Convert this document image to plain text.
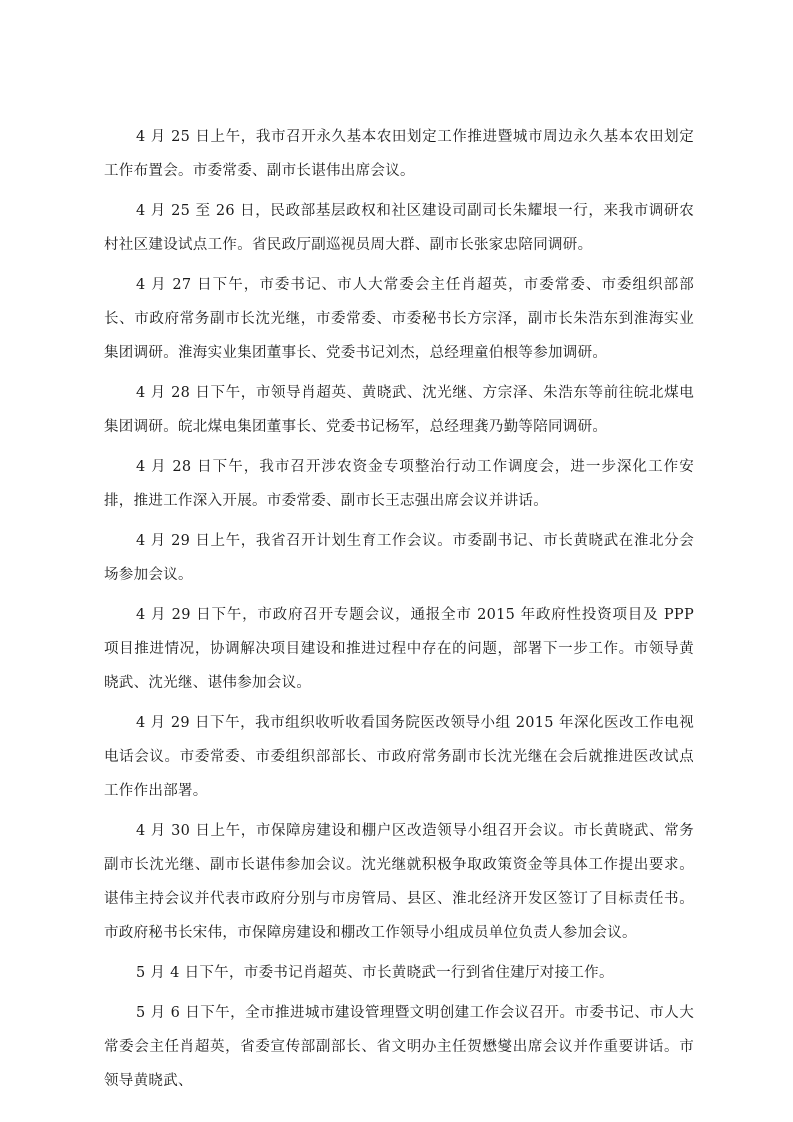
4 月 25 日上午，我市召开永久基本农田划定工作推进暨城市周边永久基本农田划定工作布置会。市委常委、副市长谌伟出席会议。

4 月 25 至 26 日，民政部基层政权和社区建设司副司长朱耀垠一行，来我市调研农村社区建设试点工作。省民政厅副巡视员周大群、副市长张家忠陪同调研。

4 月 27 日下午，市委书记、市人大常委会主任肖超英，市委常委、市委组织部部长、市政府常务副市长沈光继，市委常委、市委秘书长方宗泽，副市长朱浩东到淮海实业集团调研。淮海实业集团董事长、党委书记刘杰，总经理童伯根等参加调研。

4 月 28 日下午，市领导肖超英、黄晓武、沈光继、方宗泽、朱浩东等前往皖北煤电集团调研。皖北煤电集团董事长、党委书记杨军，总经理龚乃勤等陪同调研。

4 月 28 日下午，我市召开涉农资金专项整治行动工作调度会，进一步深化工作安排，推进工作深入开展。市委常委、副市长王志强出席会议并讲话。

4 月 29 日上午，我省召开计划生育工作会议。市委副书记、市长黄晓武在淮北分会场参加会议。

4 月 29 日下午，市政府召开专题会议，通报全市 2015 年政府性投资项目及 PPP 项目推进情况，协调解决项目建设和推进过程中存在的问题，部署下一步工作。市领导黄晓武、沈光继、谌伟参加会议。

4 月 29 日下午，我市组织收听收看国务院医改领导小组 2015 年深化医改工作电视电话会议。市委常委、市委组织部部长、市政府常务副市长沈光继在会后就推进医改试点工作作出部署。

4 月 30 日上午，市保障房建设和棚户区改造领导小组召开会议。市长黄晓武、常务副市长沈光继、副市长谌伟参加会议。沈光继就积极争取政策资金等具体工作提出要求。谌伟主持会议并代表市政府分别与市房管局、县区、淮北经济开发区签订了目标责任书。市政府秘书长宋伟，市保障房建设和棚改工作领导小组成员单位负责人参加会议。

5 月 4 日下午，市委书记肖超英、市长黄晓武一行到省住建厅对接工作。

5 月 6 日下午，全市推进城市建设管理暨文明创建工作会议召开。市委书记、市人大常委会主任肖超英，省委宣传部副部长、省文明办主任贺懋燮出席会议并作重要讲话。市领导黄晓武、
